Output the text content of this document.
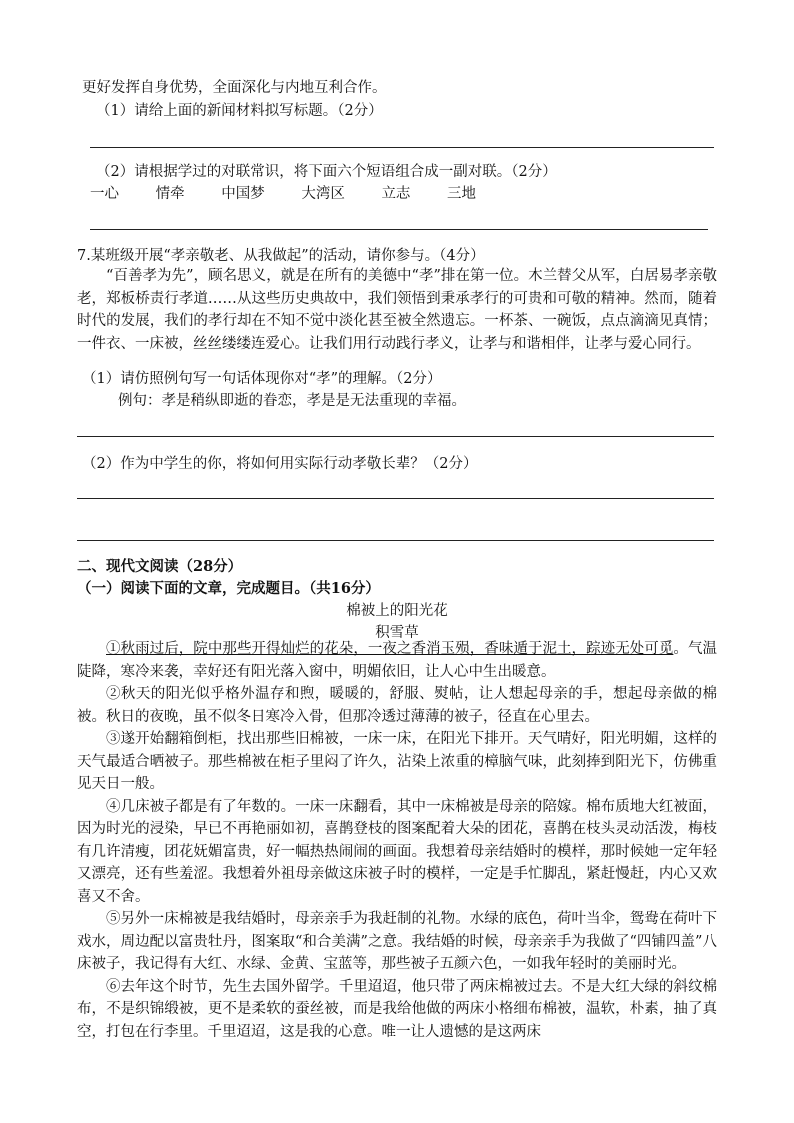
更好发挥自身优势，全面深化与内地互利合作。
（1）请给上面的新闻材料拟写标题。（2分）
（2）请根据学过的对联常识，将下面六个短语组合成一副对联。（2分）
一心	情牵	中国梦	大湾区	立志	三地
7.某班级开展“孝亲敬老、从我做起”的活动，请你参与。（4分）

“百善孝为先”，顾名思义，就是在所有的美德中“孝”排在第一位。木兰替父从军，白居易孝亲敬老，郑板桥责行孝道……从这些历史典故中，我们领悟到秉承孝行的可贵和可敬的精神。然而，随着时代的发展，我们的孝行却在不知不觉中淡化甚至被全然遗忘。一杯茶、一碗饭，点点滴滴见真情；一件衣、一床被，丝丝缕缕连爱心。让我们用行动践行孝义，让孝与和谐相伴，让孝与爱心同行。

（1）请仿照例句写一句话体现你对“孝”的理解。（2分）
例句：孝是稍纵即逝的眷恋，孝是是无法重现的幸福。
（2）作为中学生的你，将如何用实际行动孝敬长辈？（2分）
二、现代文阅读（28分）
（一）阅读下面的文章，完成题目。（共16分）
棉被上的阳光花
积雪草

①秋雨过后，院中那些开得灿烂的花朵，一夜之香消玉殒，香味遁于泥土，踪迹无处可觅。气温陡降，寒冷来袭，幸好还有阳光落入窗中，明媚依旧，让人心中生出暖意。

②秋天的阳光似乎格外温存和煦，暖暖的，舒服、熨帖，让人想起母亲的手，想起母亲做的棉被。秋日的夜晚，虽不似冬日寒冷入骨，但那冷透过薄薄的被子，径直在心里去。

③遂开始翻箱倒柜，找出那些旧棉被，一床一床，在阳光下排开。天气晴好，阳光明媚，这样的天气最适合晒被子。那些棉被在柜子里闷了许久，沾染上浓重的樟脑气味，此刻捧到阳光下，仿佛重见天日一般。

④几床被子都是有了年数的。一床一床翻看，其中一床棉被是母亲的陪嫁。棉布质地大红被面，因为时光的浸染，早已不再艳丽如初，喜鹊登枝的图案配着大朵的团花，喜鹊在枝头灵动活泼，梅枝有几许清瘦，团花妩媚富贵，好一幅热热闹闹的画面。我想着母亲结婚时的模样，那时候她一定年轻又漂亮，还有些羞涩。我想着外祖母亲做这床被子时的模样，一定是手忙脚乱，紧赶慢赶，内心又欢喜又不舍。

⑤另外一床棉被是我结婚时，母亲亲手为我赶制的礼物。水绿的底色，荷叶当伞，鸳鸯在荷叶下戏水，周边配以富贵牡丹，图案取“和合美满”之意。我结婚的时候，母亲亲手为我做了“四铺四盖”八床被子，我记得有大红、水绿、金黄、宝蓝等，那些被子五颜六色，一如我年轻时的美丽时光。

⑥去年这个时节，先生去国外留学。千里迢迢，他只带了两床棉被过去。不是大红大绿的斜纹棉布，不是织锦缎被，更不是柔软的蚕丝被，而是我给他做的两床小格细布棉被，温软，朴素，抽了真空，打包在行李里。千里迢迢，这是我的心意。唯一让人遗憾的是这两床
